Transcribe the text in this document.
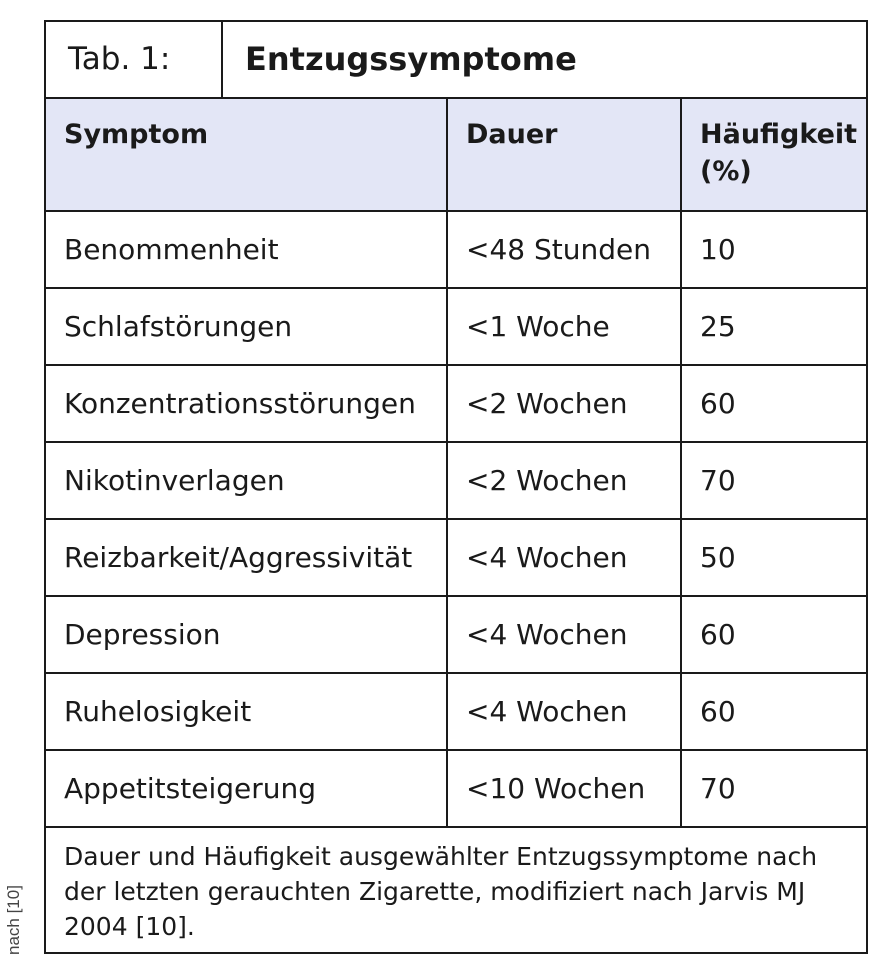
nach [10]
Tab. 1:	Entzugssymptome
Symptom	Dauer	Häufigkeit
(%)
Benommenheit	<48 Stunden	10
Schlafstörungen	<1 Woche	25
Konzentrationsstörungen	<2 Wochen	60
Nikotinverlagen	<2 Wochen	70
Reizbarkeit/Aggressivität	<4 Wochen	50
Depression	<4 Wochen	60
Ruhelosigkeit	<4 Wochen	60
Appetitsteigerung	<10 Wochen	70
Dauer und Häufigkeit ausgewählter Entzugssymptome nach der letzten gerauchten Zigarette, modifiziert nach Jarvis MJ 2004 [10].
